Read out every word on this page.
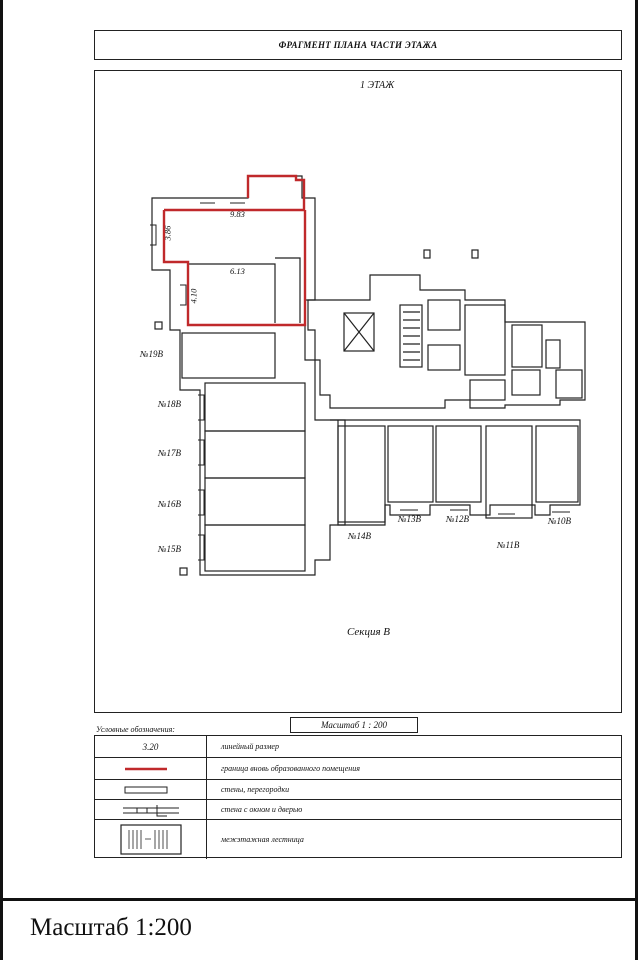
ФРАГМЕНТ ПЛАНА ЧАСТИ ЭТАЖА
1 ЭТАЖ
9.83
3.86
6.13
4.10
№19В
№18В
№17В
№16В
№15В
№14В
№13В	№12В
№11В
№10В
Секция В
Условные обозначения:	Масштаб 1 : 200
3.20	линейный размер
граница вновь образованного помещения
стены, перегородки
стена с окном и дверью
межэтажная лестница
Масштаб 1:200
